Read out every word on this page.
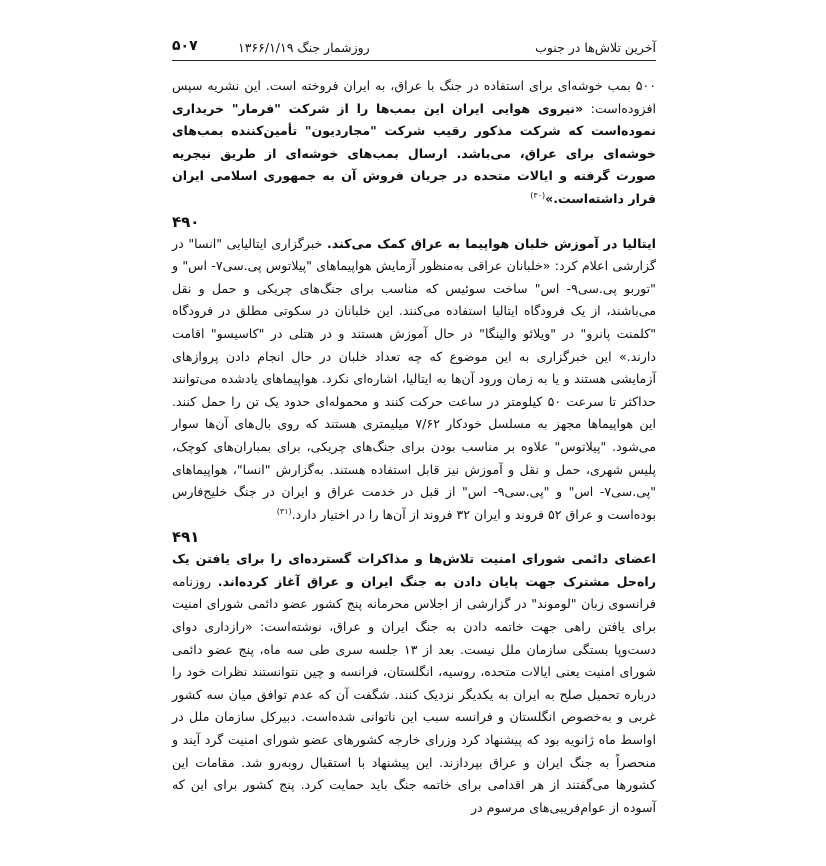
آخرین تلاش‌ها در جنوب
روزشمار جنگ ۱۳۶۶/۱/۱۹
۵۰۷

۵۰۰ بمب خوشه‌ای برای استفاده در جنگ با عراق، به ایران فروخته است. این نشریه سپس افزوده‌است: «نیروی هوایی ایران این بمب‌ها را از شرکت "فرمار" خریداری نموده‌است که شرکت مذکور رقیب شرکت "مجاردیون" تأمین‌کننده بمب‌های خوشه‌ای برای عراق، می‌باشد. ارسال بمب‌های خوشه‌ای از طریق نیجریه صورت گرفته و ایالات متحده در جریان فروش آن به جمهوری اسلامی ایران قرار داشته‌است.»$^{(۳۰)}$

۴۹۰

ایتالیا در آموزش خلبان هواپیما به عراق کمک می‌کند. خبرگزاری ایتالیایی "انسا" در گزارشی اعلام کرد: «خلبانان عراقی به‌منظور آزمایش هواپیماهای "پیلاتوس پی.سی‌۷- اس" و "توربو پی.سی‌۹- اس" ساخت سوئیس که مناسب برای جنگ‌های چریکی و حمل و نقل می‌باشند، از یک فرودگاه ایتالیا استفاده می‌کنند. این خلبانان در سکوتی مطلق در فرودگاه "کلمنت پانرو" در "ویلائو والینگا" در حال آموزش هستند و در هتلی در "کاسیسو" اقامت دارند.» این خبرگزاری به این موضوع که چه تعداد خلبان در حال انجام دادن پروازهای آزمایشی هستند و یا به زمان ورود آن‌ها به ایتالیا، اشاره‌ای نکرد. هواپیماهای یادشده می‌توانند حداکثر تا سرعت ۵۰ کیلومتر در ساعت حرکت کنند و محموله‌ای حدود یک تن را حمل کنند. این هواپیماها مجهز به مسلسل خودکار ۷/۶۲ میلیمتری هستند که روی بال‌های آن‌ها سوار می‌شود. "پیلاتوس" علاوه بر مناسب بودن برای جنگ‌های چریکی، برای بمباران‌های کوچک، پلیس شهری، حمل و نقل و آموزش نیز قابل استفاده هستند. به‌گزارش "انسا"، هواپیماهای "پی.سی‌۷- اس" و "پی.سی‌۹- اس" از قبل در خدمت عراق و ایران در جنگ خلیج‌فارس بوده‌است و عراق ۵۲ فروند و ایران ۳۲ فروند از آن‌ها را در اختیار دارد.$^{(۳۱)}$

۴۹۱

اعضای دائمی شورای امنیت تلاش‌ها و مذاکرات گسترده‌ای را برای یافتن یک راه‌حل مشترک جهت پایان دادن به جنگ ایران و عراق آغاز کرده‌اند. روزنامه فرانسوی زبان "لوموند" در گزارشی از اجلاس محرمانه پنج کشور عضو دائمی شورای امنیت برای یافتن راهی جهت خاتمه دادن به جنگ ایران و عراق، نوشته‌است: «رازداری دوای دست‌وپا بستگی سازمان ملل نیست. بعد از ۱۳ جلسه سری طی سه ماه، پنج عضو دائمی شورای امنیت یعنی ایالات متحده، روسیه، انگلستان، فرانسه و چین نتوانستند نظرات خود را درباره تحمیل صلح به ایران به یکدیگر نزدیک کنند. شگفت آن که عدم توافق میان سه کشور غربی و به‌خصوص انگلستان و فرانسه سبب این ناتوانی شده‌است. دبیرکل سازمان ملل در اواسط ماه ژانویه بود که پیشنهاد کرد وزرای خارجه کشورهای عضو شورای امنیت گرد آیند و منحصراً به جنگ ایران و عراق بپردازند. این پیشنهاد با استقبال روبه‌رو شد. مقامات این کشورها می‌گفتند از هر اقدامی برای خاتمه جنگ باید حمایت کرد. پنج کشور برای این که آسوده از عوام‌فریبی‌های مرسوم در
